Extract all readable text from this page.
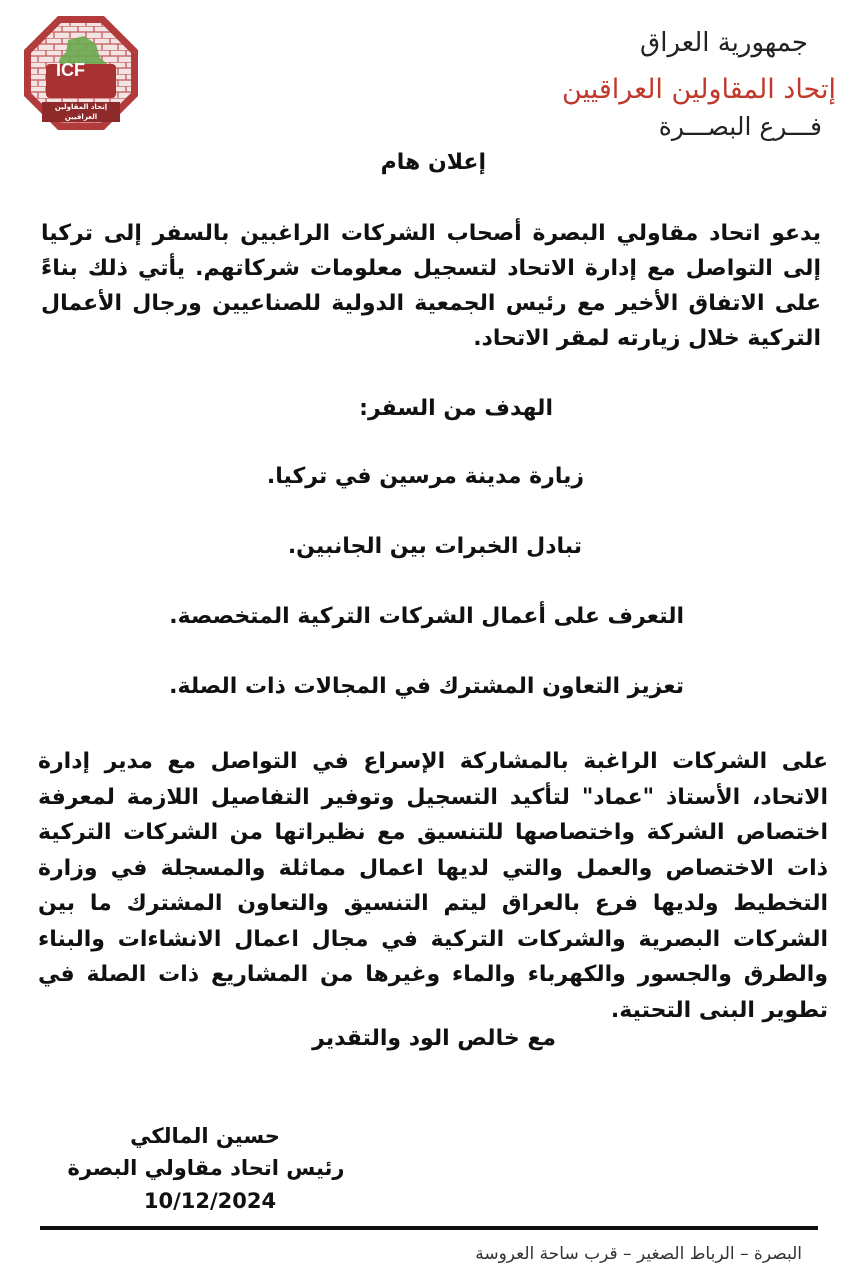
ICF
إتحاد المقاولين العراقيين
جمهورية العراق
إتحاد المقاولين العراقيين
فـــرع البصـــرة
إعلان هام
يدعو اتحاد مقاولي البصرة أصحاب الشركات الراغبين بالسفر إلى تركيا إلى التواصل مع إدارة الاتحاد لتسجيل معلومات شركاتهم. يأتي ذلك بناءً على الاتفاق الأخير مع رئيس الجمعية الدولية للصناعيين ورجال الأعمال التركية خلال زيارته لمقر الاتحاد.
الهدف من السفر:
زيارة مدينة مرسين في تركيا.
تبادل الخبرات بين الجانبين.
التعرف على أعمال الشركات التركية المتخصصة.
تعزيز التعاون المشترك في المجالات ذات الصلة.
على الشركات الراغبة بالمشاركة الإسراع في التواصل مع مدير إدارة الاتحاد، الأستاذ "عماد" لتأكيد التسجيل وتوفير التفاصيل اللازمة لمعرفة اختصاص الشركة واختصاصها للتنسيق مع نظيراتها من الشركات التركية ذات الاختصاص والعمل والتي لديها اعمال مماثلة والمسجلة في وزارة التخطيط ولديها فرع بالعراق ليتم التنسيق والتعاون المشترك ما بين الشركات البصرية والشركات التركية في مجال اعمال الانشاءات والبناء والطرق والجسور والكهرباء والماء وغيرها من المشاريع ذات الصلة في تطوير البنى التحتية.
مع خالص الود والتقدير
حسين المالكي
رئيس اتحاد مقاولي البصرة
10/12/2024
البصرة – الرباط الصغير – قرب ساحة العروسة
